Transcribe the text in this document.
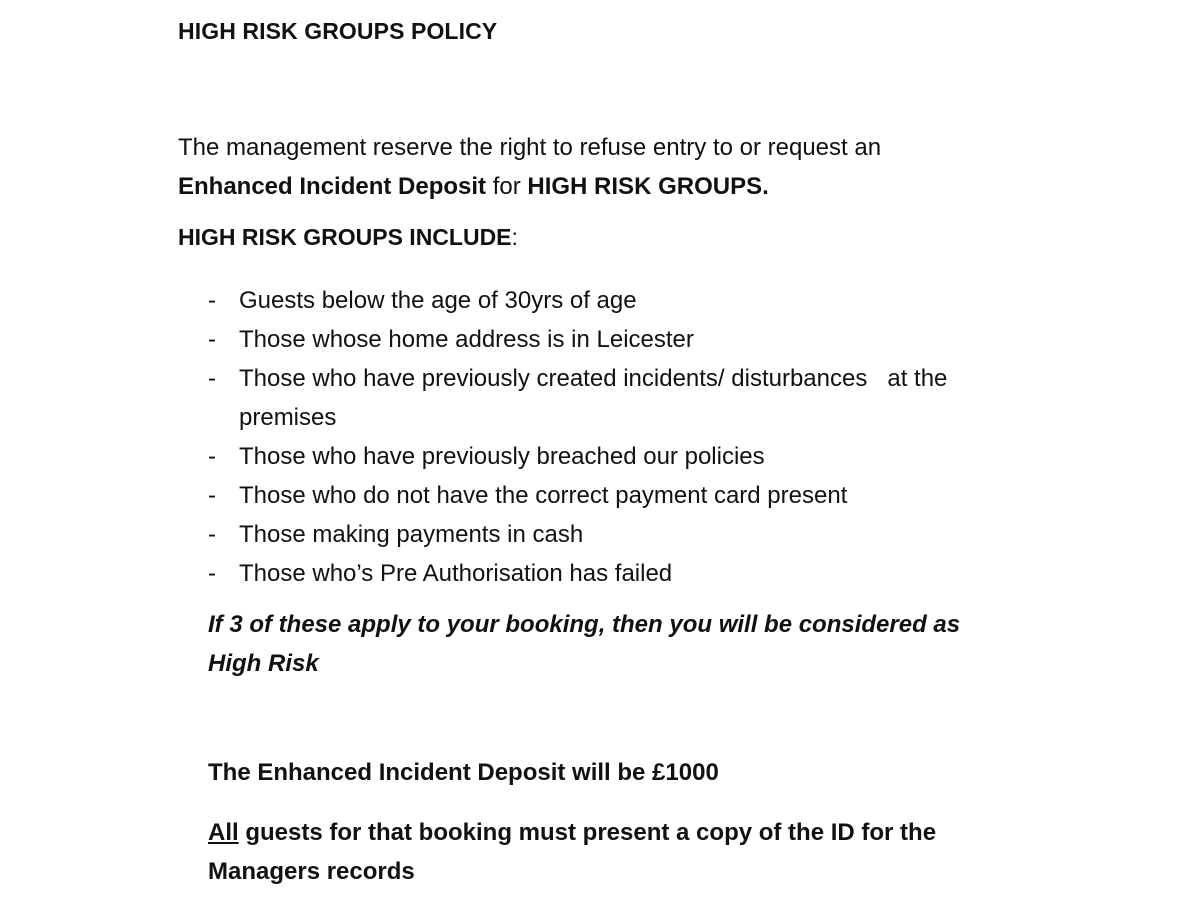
HIGH RISK GROUPS POLICY

The management reserve the right to refuse entry to or request an
Enhanced Incident Deposit for HIGH RISK GROUPS.

HIGH RISK GROUPS INCLUDE:
- Guests below the age of 30yrs of age
- Those whose home address is in Leicester
- Those who have previously created incidents/ disturbances   at the premises
- Those who have previously breached our policies
- Those who do not have the correct payment card present
- Those making payments in cash
- Those who’s Pre Authorisation has failed
If 3 of these apply to your booking, then you will be considered as High Risk
The Enhanced Incident Deposit will be £1000
All guests for that booking must present a copy of the ID for the Managers records
